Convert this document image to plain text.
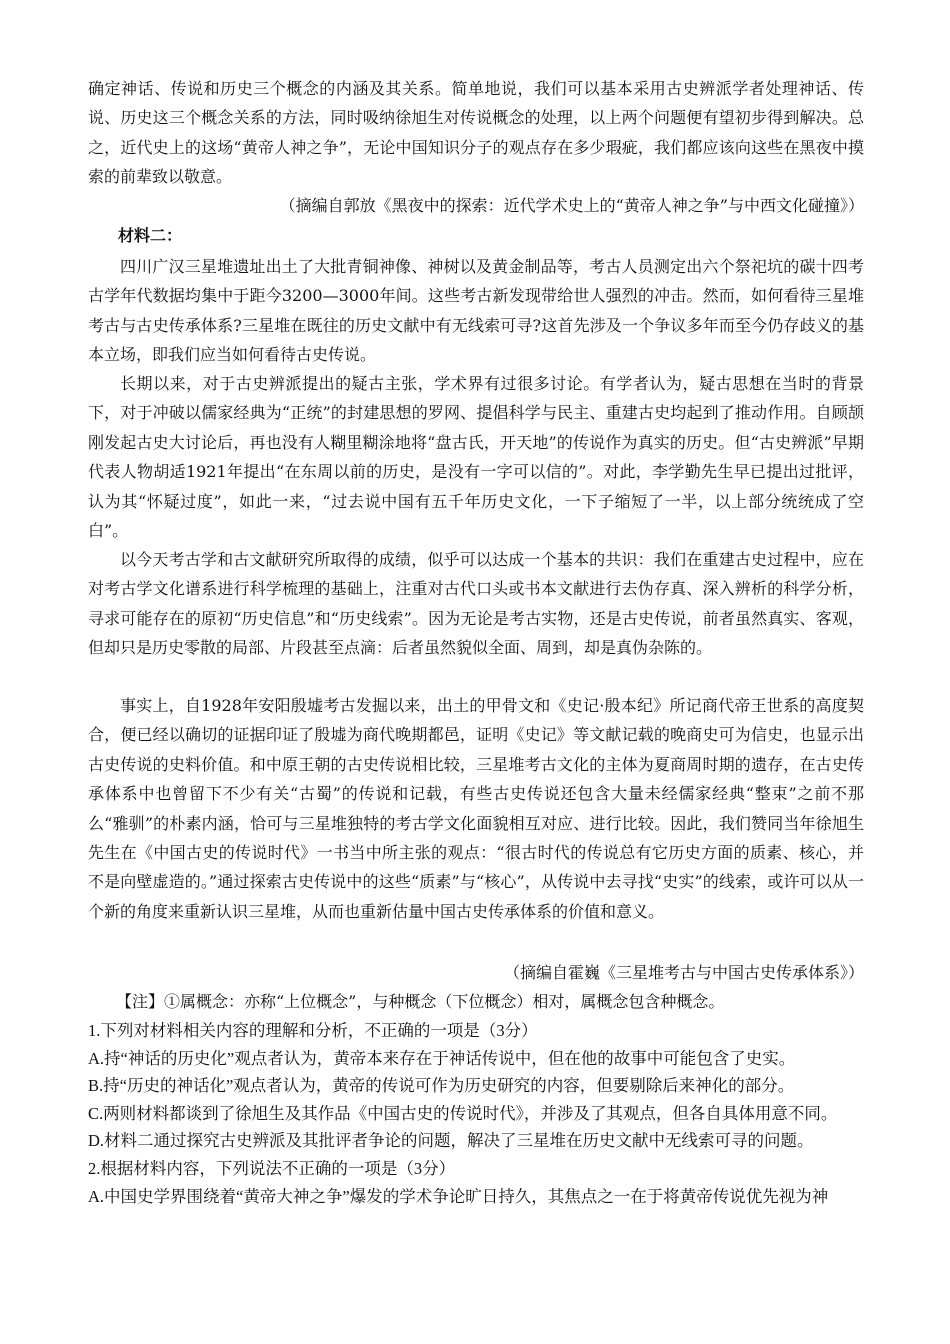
确定神话、传说和历史三个概念的内涵及其关系。简单地说，我们可以基本采用古史辨派学者处理神话、传说、历史这三个概念关系的方法，同时吸纳徐旭生对传说概念的处理，以上两个问题便有望初步得到解决。总之，近代史上的这场“黄帝人神之争”，无论中国知识分子的观点存在多少瑕疵，我们都应该向这些在黑夜中摸索的前辈致以敬意。

（摘编自郭放《黑夜中的探索：近代学术史上的“黄帝人神之争”与中西文化碰撞》）
材料二：

四川广汉三星堆遗址出土了大批青铜神像、神树以及黄金制品等，考古人员测定出六个祭祀坑的碳十四考古学年代数据均集中于距今3200—3000年间。这些考古新发现带给世人强烈的冲击。然而，如何看待三星堆考古与古史传承体系?三星堆在既往的历史文献中有无线索可寻?这首先涉及一个争议多年而至今仍存歧义的基本立场，即我们应当如何看待古史传说。

长期以来，对于古史辨派提出的疑古主张，学术界有过很多讨论。有学者认为，疑古思想在当时的背景下，对于冲破以儒家经典为“正统”的封建思想的罗网、提倡科学与民主、重建古史均起到了推动作用。自顾颉刚发起古史大讨论后，再也没有人糊里糊涂地将“盘古氏，开天地”的传说作为真实的历史。但“古史辨派”早期代表人物胡适1921年提出“在东周以前的历史，是没有一字可以信的”。对此，李学勤先生早已提出过批评，认为其“怀疑过度”，如此一来，“过去说中国有五千年历史文化，一下子缩短了一半，以上部分统统成了空白”。

以今天考古学和古文献研究所取得的成绩，似乎可以达成一个基本的共识：我们在重建古史过程中，应在对考古学文化谱系进行科学梳理的基础上，注重对古代口头或书本文献进行去伪存真、深入辨析的科学分析，寻求可能存在的原初“历史信息”和“历史线索”。因为无论是考古实物，还是古史传说，前者虽然真实、客观，但却只是历史零散的局部、片段甚至点滴：后者虽然貌似全面、周到，却是真伪杂陈的。

事实上，自1928年安阳殷墟考古发掘以来，出土的甲骨文和《史记·殷本纪》所记商代帝王世系的高度契合，便已经以确切的证据印证了殷墟为商代晚期都邑，证明《史记》等文献记载的晚商史可为信史，也显示出古史传说的史料价值。和中原王朝的古史传说相比较，三星堆考古文化的主体为夏商周时期的遗存，在古史传承体系中也曾留下不少有关“古蜀”的传说和记载，有些古史传说还包含大量未经儒家经典“整束”之前不那么“雅驯”的朴素内涵，恰可与三星堆独特的考古学文化面貌相互对应、进行比较。因此，我们赞同当年徐旭生先生在《中国古史的传说时代》一书当中所主张的观点：“很古时代的传说总有它历史方面的质素、核心，并不是向壁虚造的。”通过探索古史传说中的这些“质素”与“核心”，从传说中去寻找“史实”的线索，或许可以从一个新的角度来重新认识三星堆，从而也重新估量中国古史传承体系的价值和意义。

（摘编自霍巍《三星堆考古与中国古史传承体系》）
【注】①属概念：亦称“上位概念”，与种概念（下位概念）相对，属概念包含种概念。
1.下列对材料相关内容的理解和分析，不正确的一项是（3分）
A.持“神话的历史化”观点者认为，黄帝本来存在于神话传说中，但在他的故事中可能包含了史实。
B.持“历史的神话化”观点者认为，黄帝的传说可作为历史研究的内容，但要剔除后来神化的部分。
C.两则材料都谈到了徐旭生及其作品《中国古史的传说时代》，并涉及了其观点，但各自具体用意不同。
D.材料二通过探究古史辨派及其批评者争论的问题，解决了三星堆在历史文献中无线索可寻的问题。
2.根据材料内容，下列说法不正确的一项是（3分）
A.中国史学界围绕着“黄帝大神之争”爆发的学术争论旷日持久，其焦点之一在于将黄帝传说优先视为神
